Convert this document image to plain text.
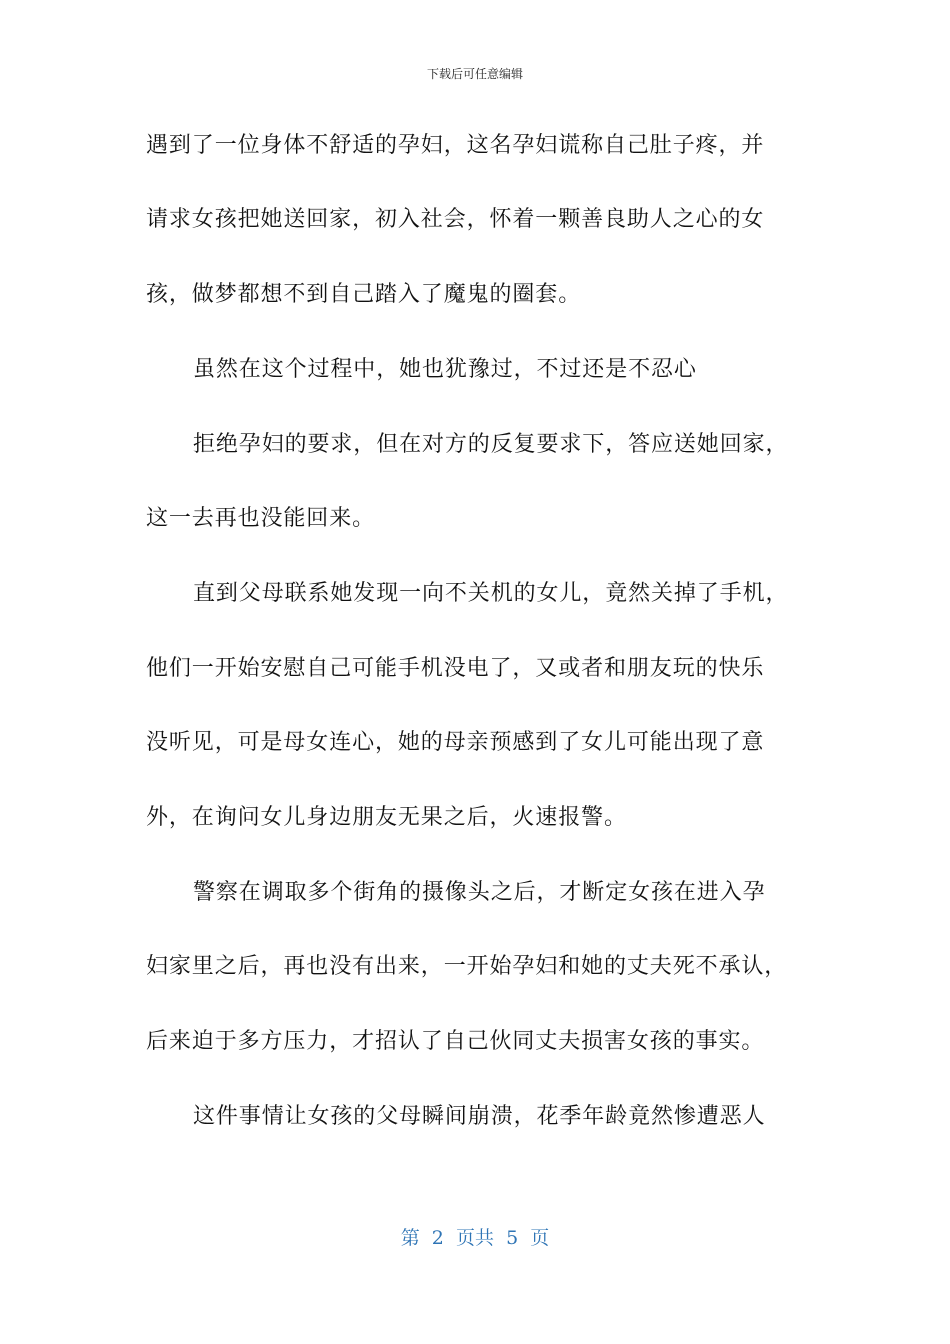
下载后可任意编辑
遇到了一位身体不舒适的孕妇，这名孕妇谎称自己肚子疼，并
请求女孩把她送回家，初入社会，怀着一颗善良助人之心的女
孩，做梦都想不到自己踏入了魔鬼的圈套。
虽然在这个过程中，她也犹豫过，不过还是不忍心
拒绝孕妇的要求，但在对方的反复要求下，答应送她回家，
这一去再也没能回来。
直到父母联系她发现一向不关机的女儿，竟然关掉了手机，
他们一开始安慰自己可能手机没电了，又或者和朋友玩的快乐
没听见，可是母女连心，她的母亲预感到了女儿可能出现了意
外，在询问女儿身边朋友无果之后，火速报警。
警察在调取多个街角的摄像头之后，才断定女孩在进入孕
妇家里之后，再也没有出来，一开始孕妇和她的丈夫死不承认，
后来迫于多方压力，才招认了自己伙同丈夫损害女孩的事实。
这件事情让女孩的父母瞬间崩溃，花季年龄竟然惨遭恶人
第 2 页共 5 页
